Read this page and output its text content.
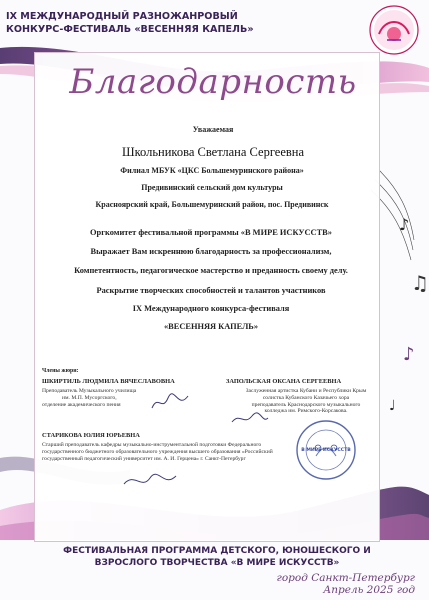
♪
♫
♪
♩
IX МЕЖДУНАРОДНЫЙ РАЗНОЖАНРОВЫЙ
КОНКУРС-ФЕСТИВАЛЬ «ВЕСЕННЯЯ КАПЕЛЬ»
Благодарность
Уважаемая
Школьникова Светлана Сергеевна
Филиал МБУК «ЦКС Большемуринского района»
Предивинский сельский дом культуры
Красноярский край, Большемуринский район, пос. Предивинск
Оргкомитет фестивальной программы «В МИРЕ ИСКУССТВ»
Выражает Вам искреннюю благодарность за профессионализм,
Компетентность, педагогическое мастерство и преданность своему делу.
Раскрытие творческих способностей и талантов участников
IX Международного конкурса-фестиваля
«ВЕСЕННЯЯ КАПЕЛЬ»
Члены жюри:
ШКИРТИЛЬ ЛЮДМИЛА ВЯЧЕСЛАВОВНА
Преподаватель Музыкального училища
им. М.П. Мусоргского,
отделение академического пения
ЗАПОЛЬСКАЯ ОКСАНА СЕРГЕЕВНА
Заслуженная артистка Кубани и Республики Крым
солистка Кубанского Казачьего хора
преподаватель Краснодарского музыкального
колледжа им. Римского-Корсакова.
СТАРИКОВА ЮЛИЯ ЮРЬЕВНА
Старший преподаватель кафедры музыкально-инструментальной подготовки Федерального
государственного бюджетного образовательного учреждения высшего образования «Российский
государственный педагогический университет им. А. И. Герцена» г. Санкт-Петербург
В МИРЕ ИСКУССТВ
ФЕСТИВАЛЬНАЯ ПРОГРАММА ДЕТСКОГО, ЮНОШЕСКОГО И
ВЗРОСЛОГО ТВОРЧЕСТВА «В МИРЕ ИСКУССТВ»
город Санкт-Петербург
Апрель 2025 год
